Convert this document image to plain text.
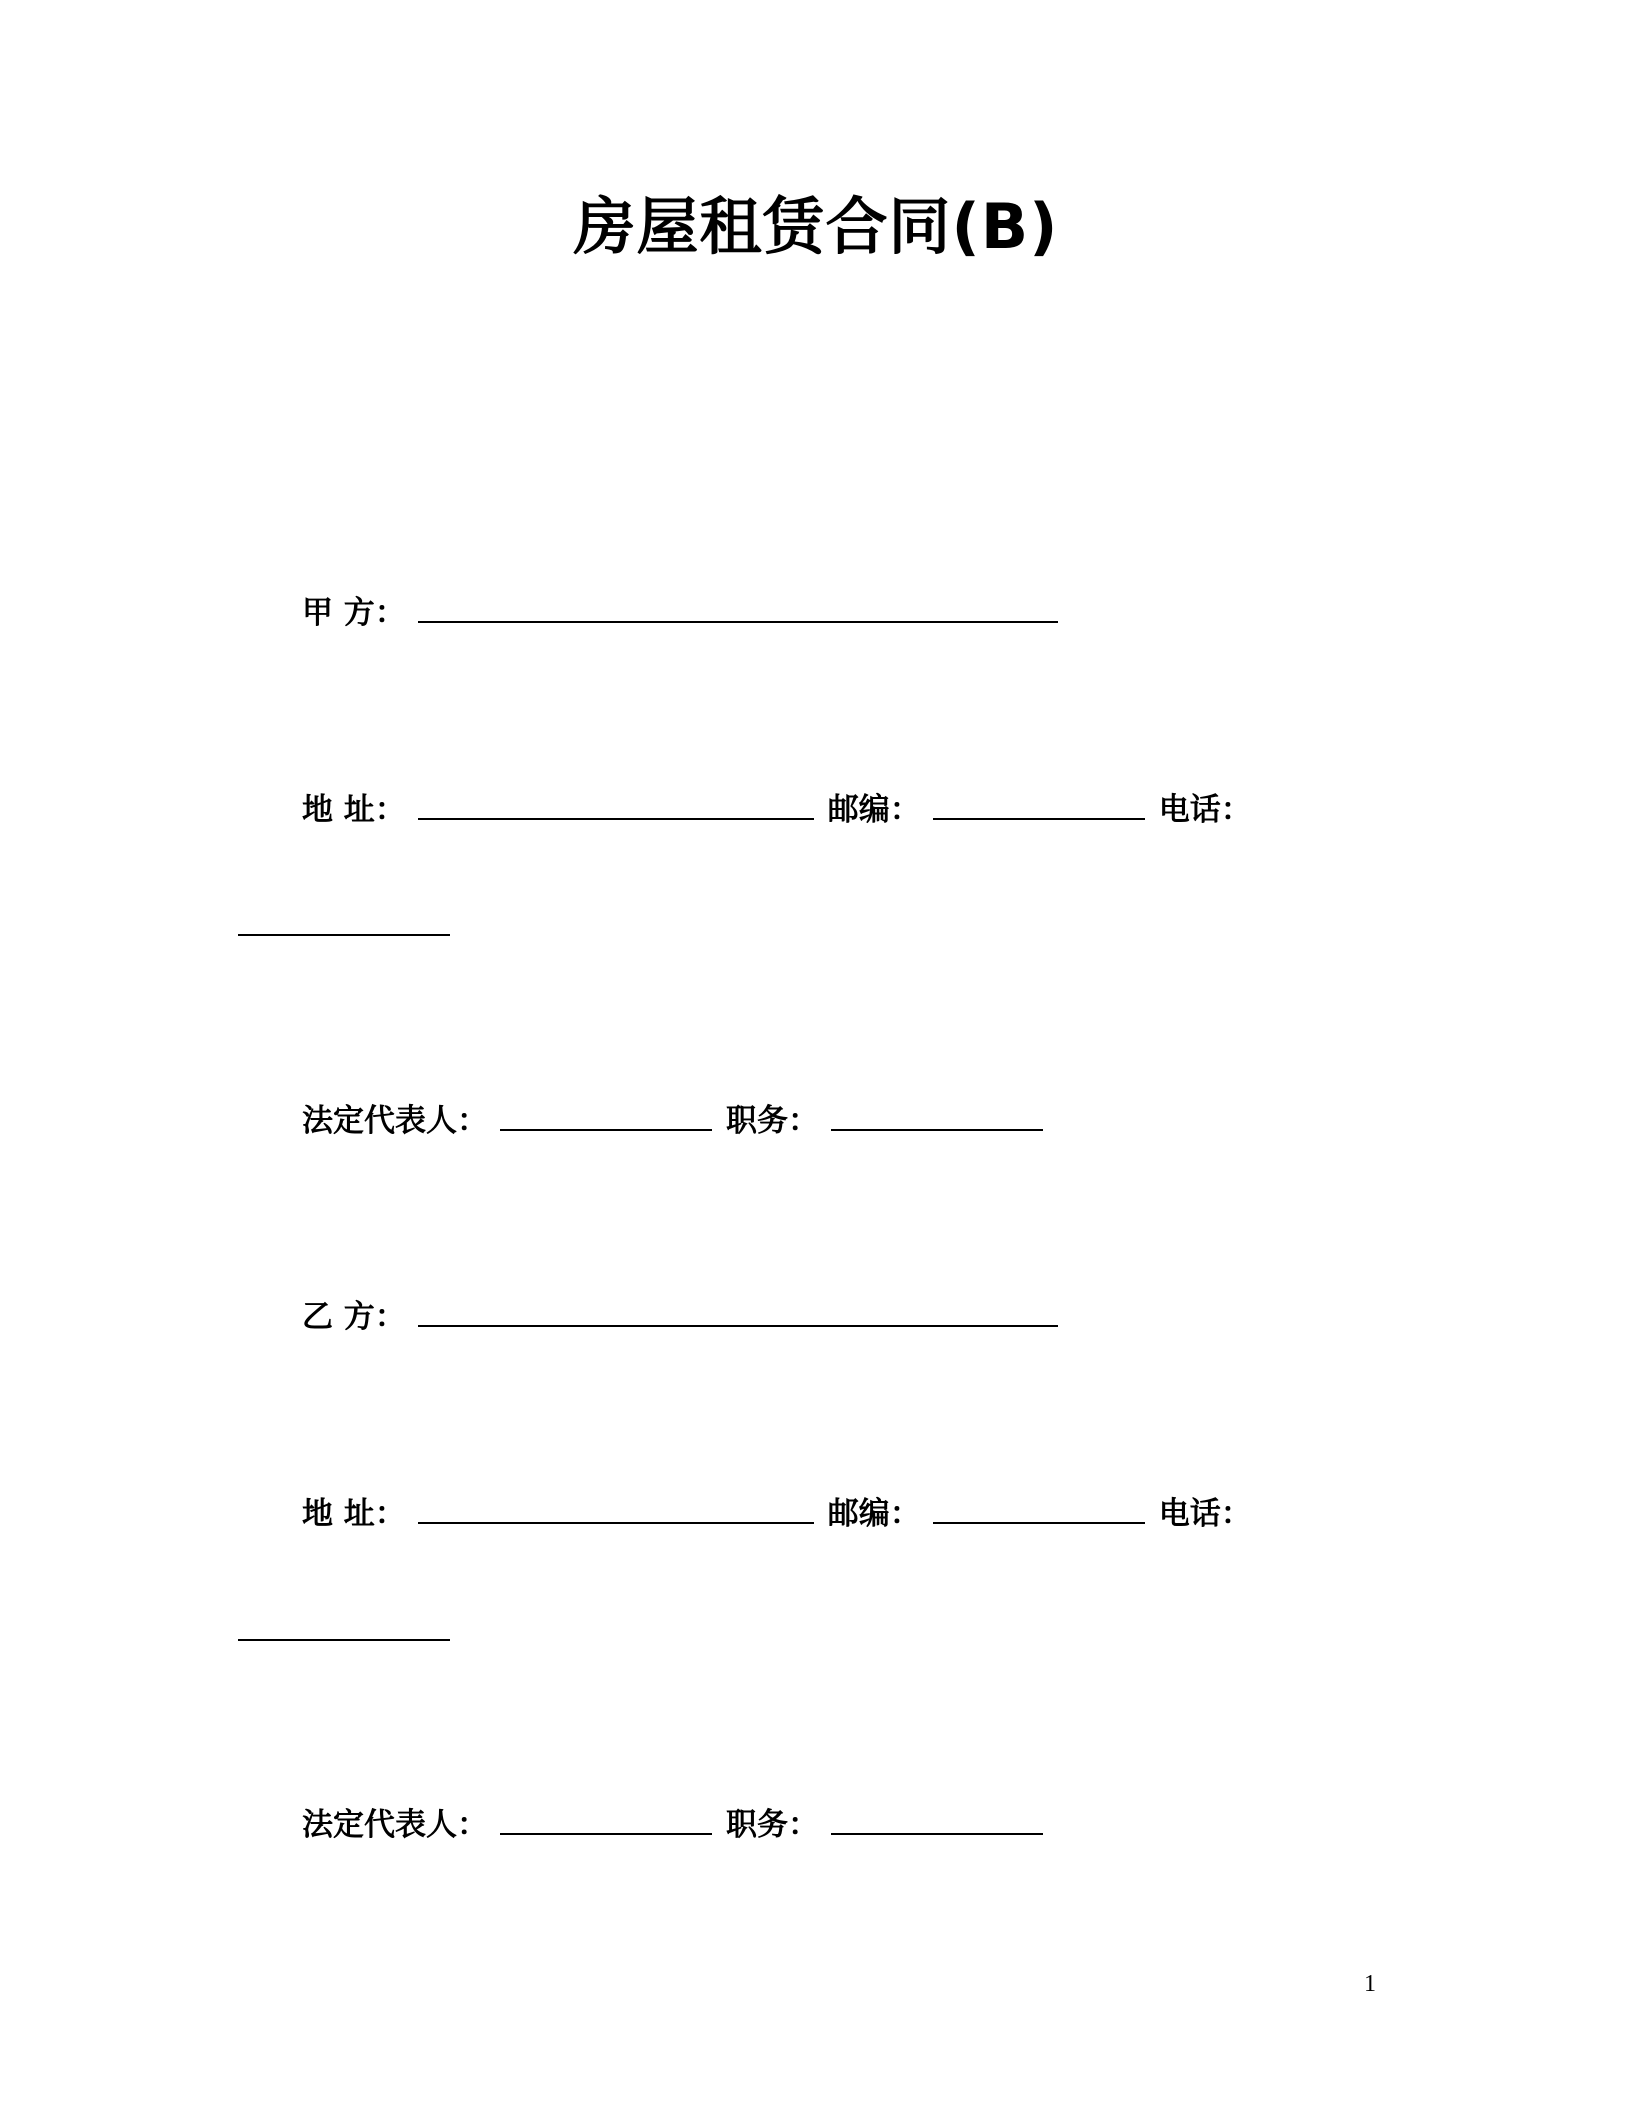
房屋租赁合同(B)
甲 方：
地 址：	邮编：	电话：
法定代表人：	职务：
乙 方：
地 址：	邮编：	电话：
法定代表人：	职务：
1
